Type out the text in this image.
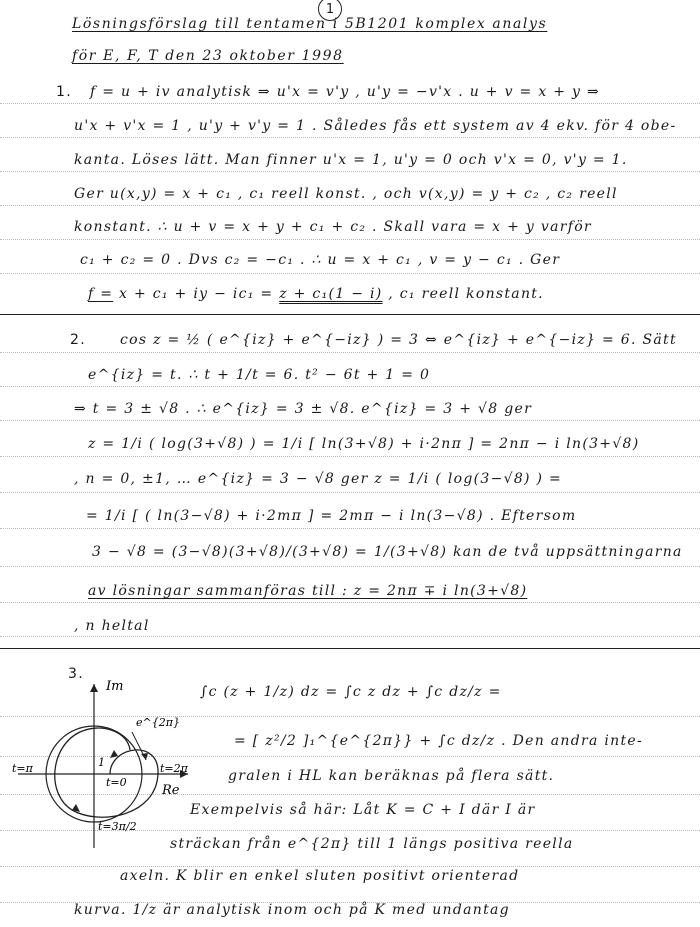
1
Lösningsförslag till tentamen i 5B1201 komplex analys
för E, F, T den 23 oktober 1998
1. f = u + iv analytisk ⇒ u'x = v'y , u'y = −v'x . u + v = x + y ⇒
u'x + v'x = 1 , u'y + v'y = 1 . Således fås ett system av 4 ekv. för 4 obe-
kanta. Löses lätt. Man finner u'x = 1, u'y = 0 och v'x = 0, v'y = 1.
Ger u(x,y) = x + c₁ , c₁ reell konst. , och v(x,y) = y + c₂ , c₂ reell
konstant. ∴ u + v = x + y + c₁ + c₂ . Skall vara = x + y varför
c₁ + c₂ = 0 . Dvs c₂ = −c₁ . ∴ u = x + c₁ , v = y − c₁ . Ger
f = x + c₁ + iy − ic₁ = z + c₁(1 − i) , c₁ reell konstant.
2. cos z = ½ ( e^{iz} + e^{−iz} ) = 3 ⇔ e^{iz} + e^{−iz} = 6. Sätt
e^{iz} = t. ∴ t + 1/t = 6. t² − 6t + 1 = 0
⇒ t = 3 ± √8 . ∴ e^{iz} = 3 ± √8. e^{iz} = 3 + √8 ger
z = 1/i ( log(3+√8) ) = 1/i [ ln(3+√8) + i·2nπ ] = 2nπ − i ln(3+√8)
, n = 0, ±1, … e^{iz} = 3 − √8 ger z = 1/i ( log(3−√8) ) =
= 1/i [ ( ln(3−√8) + i·2mπ ] = 2mπ − i ln(3−√8) . Eftersom
3 − √8 = (3−√8)(3+√8)/(3+√8) = 1/(3+√8) kan de två uppsättningarna
av lösningar sammanföras till : z = 2nπ ∓ i ln(3+√8)
, n heltal
3.
∫c (z + 1/z) dz = ∫c z dz + ∫c dz/z =
= [ z²/2 ]₁^{e^{2π}} + ∫c dz/z . Den andra inte-
gralen i HL kan beräknas på flera sätt.
Exempelvis så här: Låt K = C + I där I är
sträckan från e^{2π} till 1 längs positiva reella
axeln. K blir en enkel sluten positivt orienterad
kurva. 1/z är analytisk inom och på K med undantag
Im
Re
e^{2π}
t=2π
t=π
t=0
t=3π/2
1
